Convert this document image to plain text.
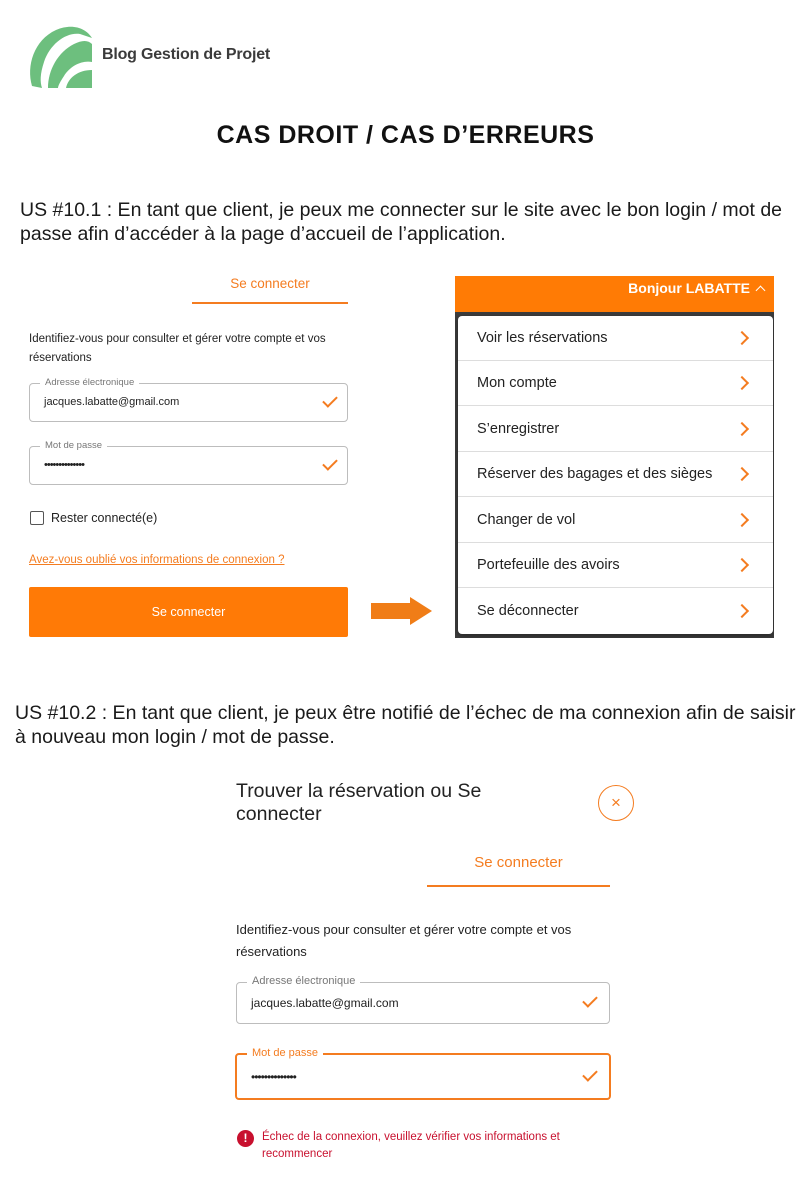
Blog Gestion de Projet
CAS DROIT / CAS D’ERREURS
US #10.1 : En tant que client, je peux me connecter sur le site avec le bon login / mot de passe afin d’accéder à la page d’accueil de l’application.
Se connecter
Identifiez-vous pour consulter et gérer votre compte et vos réservations
Adresse électronique
jacques.labatte@gmail.com
Mot de passe
••••••••••••••
Rester connecté(e)
Avez-vous oublié vos informations de connexion ?
Se connecter
Bonjour LABATTE
Voir les réservations
Mon compte
S’enregistrer
Réserver des bagages et des sièges
Changer de vol
Portefeuille des avoirs
Se déconnecter
US #10.2 : En tant que client, je peux être notifié de l’échec de ma connexion afin de saisir à nouveau mon login / mot de passe.
Trouver la réservation ou Se connecter
×
Se connecter
Identifiez-vous pour consulter et gérer votre compte et vos réservations
Adresse électronique
jacques.labatte@gmail.com
Mot de passe
••••••••••••••
!	Échec de la connexion, veuillez vérifier vos informations et recommencer
